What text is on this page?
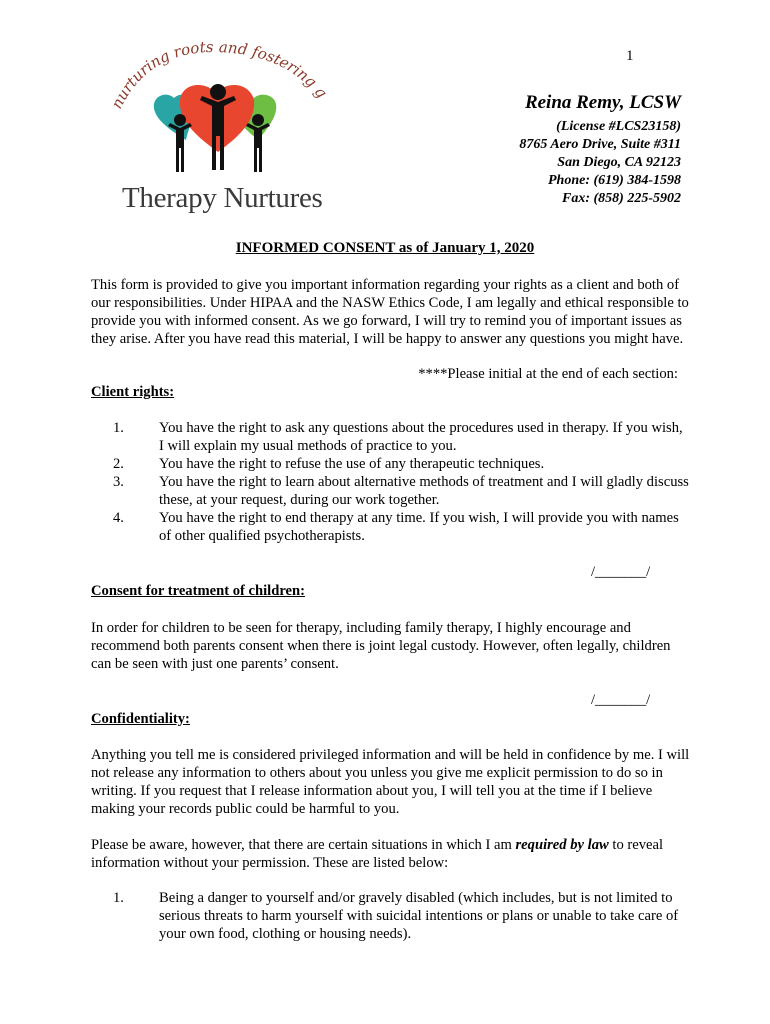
1
nurturing roots and fostering g
Therapy Nurtures
Reina Remy, LCSW
(License #LCS23158)
8765 Aero Drive, Suite #311
San Diego, CA 92123
Phone: (619) 384-1598
Fax: (858) 225-5902
INFORMED CONSENT as of January 1, 2020

This form is provided to give you important information regarding your rights as a client and both of our responsibilities. Under HIPAA and the NASW Ethics Code, I am legally and ethical responsible to provide you with informed consent. As we go forward, I will try to remind you of important issues as they arise. After you have read this material, I will be happy to answer any questions you might have.

****Please initial at the end of each section:
Client rights:
1.	You have the right to ask any questions about the procedures used in therapy. If you wish, I will explain my usual methods of practice to you.
2.	You have the right to refuse the use of any therapeutic techniques.
3.	You have the right to learn about alternative methods of treatment and I will gladly discuss these, at your request, during our work together.
4.	You have the right to end therapy at any time. If you wish, I will provide you with names of other qualified psychotherapists.
/_______/
Consent for treatment of children:

In order for children to be seen for therapy, including family therapy, I highly encourage and recommend both parents consent when there is joint legal custody. However, often legally, children can be seen with just one parents’ consent.

/_______/
Confidentiality:

Anything you tell me is considered privileged information and will be held in confidence by me. I will not release any information to others about you unless you give me explicit permission to do so in writing. If you request that I release information about you, I will tell you at the time if I believe making your records public could be harmful to you.

Please be aware, however, that there are certain situations in which I am required by law to reveal information without your permission. These are listed below:

1.	Being a danger to yourself and/or gravely disabled (which includes, but is not limited to serious threats to harm yourself with suicidal intentions or plans or unable to take care of your own food, clothing or housing needs).
